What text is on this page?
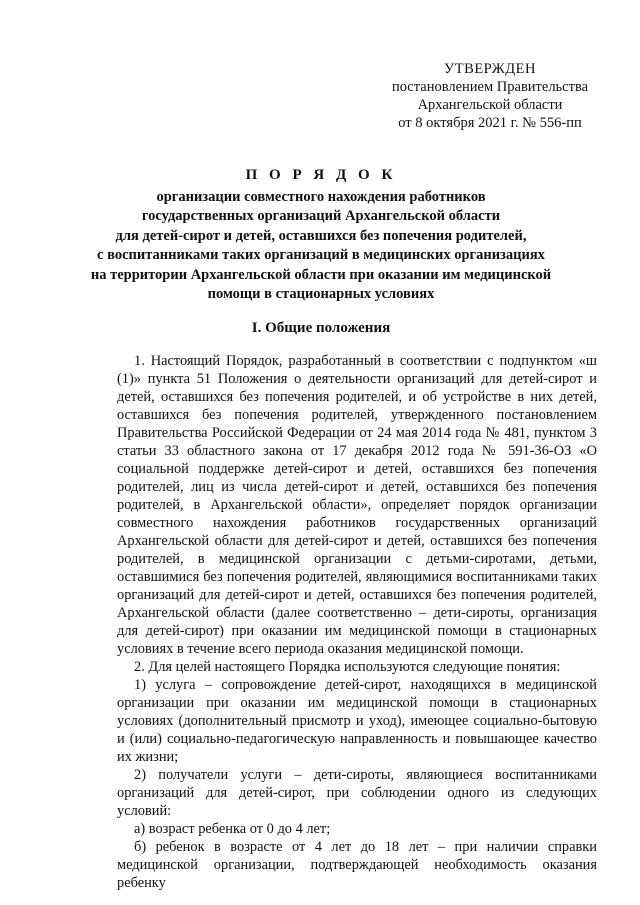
УТВЕРЖДЕН
постановлением Правительства
Архангельской области
от 8 октября 2021 г. № 556-пп
П О Р Я Д О К
организации совместного нахождения работников
государственных организаций Архангельской области
для детей-сирот и детей, оставшихся без попечения родителей,
с воспитанниками таких организаций в медицинских организациях
на территории Архангельской области при оказании им медицинской
помощи в стационарных условиях
I. Общие положения

1. Настоящий Порядок, разработанный в соответствии с подпунктом «ш (1)» пункта 51 Положения о деятельности организаций для детей-сирот и детей, оставшихся без попечения родителей, и об устройстве в них детей, оставшихся без попечения родителей, утвержденного постановлением Правительства Российской Федерации от 24 мая 2014 года № 481, пунктом 3 статьи 33 областного закона от 17 декабря 2012 года № 591-36-ОЗ «О социальной поддержке детей-сирот и детей, оставшихся без попечения родителей, лиц из числа детей-сирот и детей, оставшихся без попечения родителей, в Архангельской области», определяет порядок организации совместного нахождения работников государственных организаций Архангельской области для детей-сирот и детей, оставшихся без попечения родителей, в медицинской организации с детьми-сиротами, детьми, оставшимися без попечения родителей, являющимися воспитанниками таких организаций для детей-сирот и детей, оставшихся без попечения родителей, Архангельской области (далее соответственно – дети-сироты, организация для детей-сирот) при оказании им медицинской помощи в стационарных условиях в течение всего периода оказания медицинской помощи.

2. Для целей настоящего Порядка используются следующие понятия:

1) услуга – сопровождение детей-сирот, находящихся в медицинской организации при оказании им медицинской помощи в стационарных условиях (дополнительный присмотр и уход), имеющее социально-бытовую и (или) социально-педагогическую направленность и повышающее качество их жизни;

2) получатели услуги – дети-сироты, являющиеся воспитанниками организаций для детей-сирот, при соблюдении одного из следующих условий:

а) возраст ребенка от 0 до 4 лет;

б) ребенок в возрасте от 4 лет до 18 лет – при наличии справки медицинской организации, подтверждающей необходимость оказания ребенку
